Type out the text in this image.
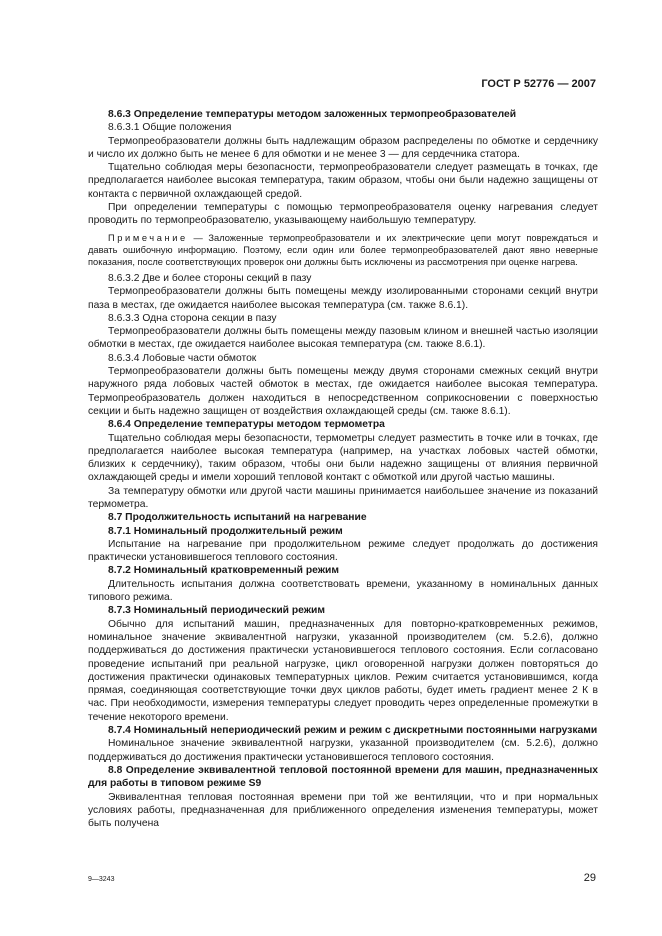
ГОСТ Р 52776 — 2007

8.6.3 Определение температуры методом заложенных термопреобразователей

8.6.3.1 Общие положения

Термопреобразователи должны быть надлежащим образом распределены по обмотке и сердечнику и число их должно быть не менее 6 для обмотки и не менее 3 — для сердечника статора.

Тщательно соблюдая меры безопасности, термопреобразователи следует размещать в точках, где предполагается наиболее высокая температура, таким образом, чтобы они были надежно защищены от контакта с первичной охлаждающей средой.

При определении температуры с помощью термопреобразователя оценку нагревания следует проводить по термопреобразователю, указывающему наибольшую температуру.

Примечание — Заложенные термопреобразователи и их электрические цепи могут повреждаться и давать ошибочную информацию. Поэтому, если один или более термопреобразователей дают явно неверные показания, после соответствующих проверок они должны быть исключены из рассмотрения при оценке нагрева.

8.6.3.2 Две и более стороны секций в пазу

Термопреобразователи должны быть помещены между изолированными сторонами секций внутри паза в местах, где ожидается наиболее высокая температура (см. также 8.6.1).

8.6.3.3 Одна сторона секции в пазу

Термопреобразователи должны быть помещены между пазовым клином и внешней частью изоляции обмотки в местах, где ожидается наиболее высокая температура (см. также 8.6.1).

8.6.3.4 Лобовые части обмоток

Термопреобразователи должны быть помещены между двумя сторонами смежных секций внутри наружного ряда лобовых частей обмоток в местах, где ожидается наиболее высокая температура. Термопреобразователь должен находиться в непосредственном соприкосновении с поверхностью секции и быть надежно защищен от воздействия охлаждающей среды (см. также 8.6.1).

8.6.4 Определение температуры методом термометра

Тщательно соблюдая меры безопасности, термометры следует разместить в точке или в точках, где предполагается наиболее высокая температура (например, на участках лобовых частей обмотки, близких к сердечнику), таким образом, чтобы они были надежно защищены от влияния первичной охлаждающей среды и имели хороший тепловой контакт с обмоткой или другой частью машины.

За температуру обмотки или другой части машины принимается наибольшее значение из показаний термометра.

8.7 Продолжительность испытаний на нагревание

8.7.1 Номинальный продолжительный режим

Испытание на нагревание при продолжительном режиме следует продолжать до достижения практически установившегося теплового состояния.

8.7.2 Номинальный кратковременный режим

Длительность испытания должна соответствовать времени, указанному в номинальных данных типового режима.

8.7.3 Номинальный периодический режим

Обычно для испытаний машин, предназначенных для повторно-кратковременных режимов, номинальное значение эквивалентной нагрузки, указанной производителем (см. 5.2.6), должно поддерживаться до достижения практически установившегося теплового состояния. Если согласовано проведение испытаний при реальной нагрузке, цикл оговоренной нагрузки должен повторяться до достижения практически одинаковых температурных циклов. Режим считается установившимся, когда прямая, соединяющая соответствующие точки двух циклов работы, будет иметь градиент менее 2 К в час. При необходимости, измерения температуры следует проводить через определенные промежутки в течение некоторого времени.

8.7.4 Номинальный непериодический режим и режим с дискретными постоянными нагрузками

Номинальное значение эквивалентной нагрузки, указанной производителем (см. 5.2.6), должно поддерживаться до достижения практически установившегося теплового состояния.

8.8 Определение эквивалентной тепловой постоянной времени для машин, предназначенных для работы в типовом режиме S9

Эквивалентная тепловая постоянная времени при той же вентиляции, что и при нормальных условиях работы, предназначенная для приближенного определения изменения температуры, может быть получена

9—3243	29
